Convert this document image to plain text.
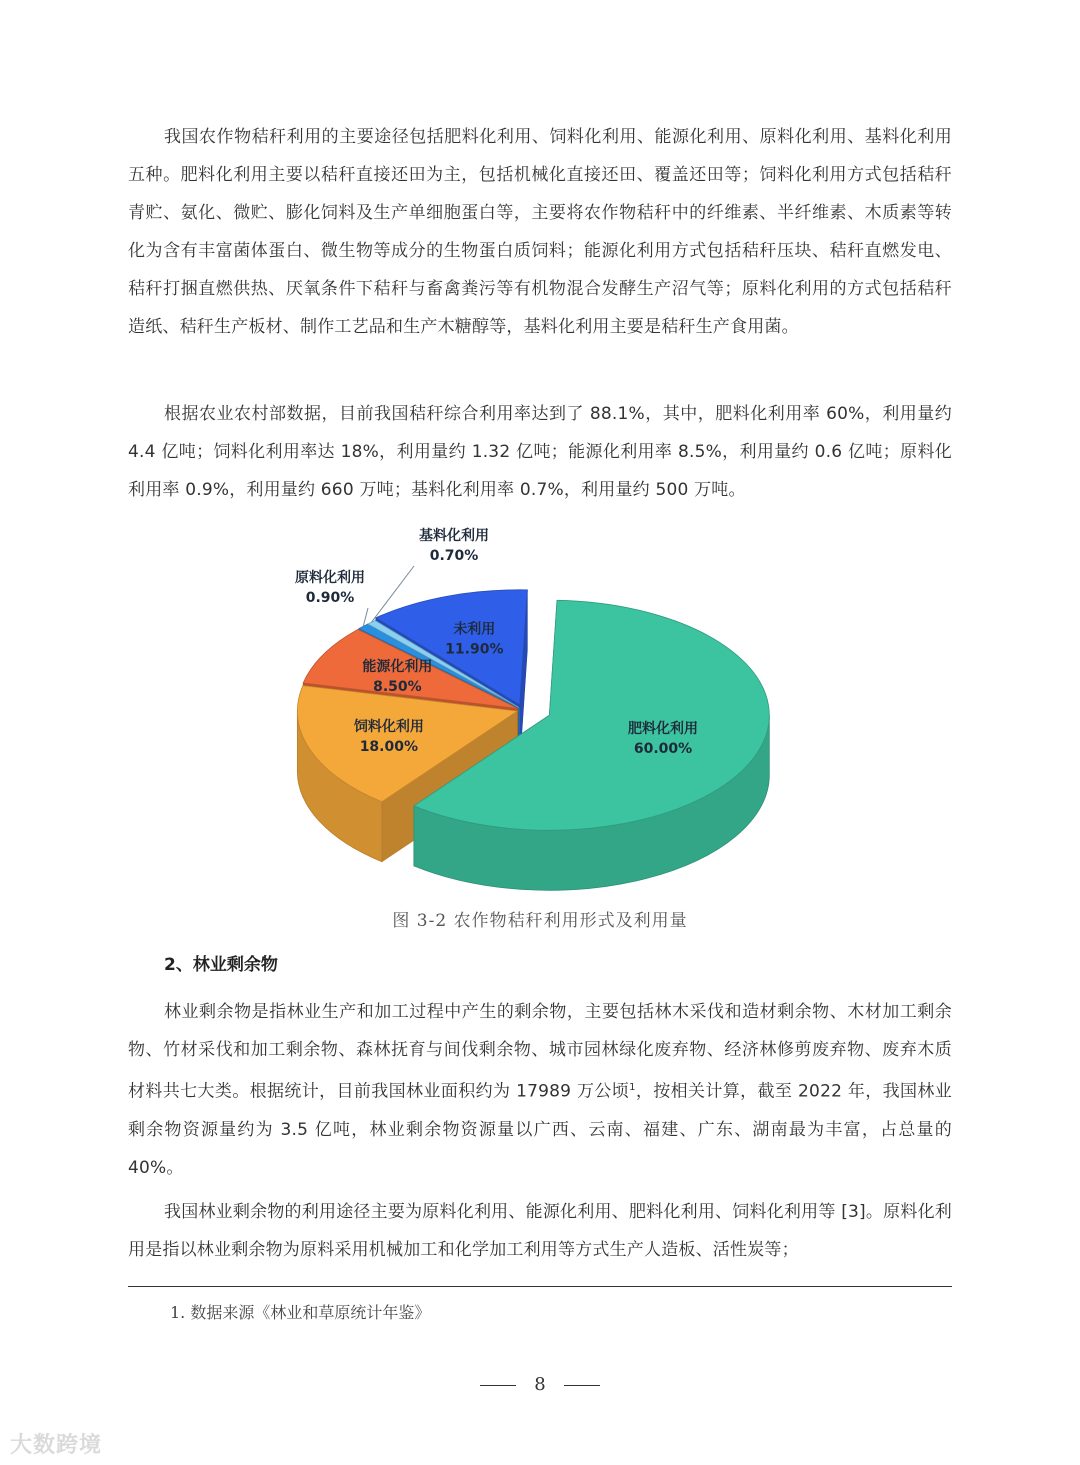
我国农作物秸秆利用的主要途径包括肥料化利用、饲料化利用、能源化利用、原料化利用、基料化利用五种。肥料化利用主要以秸秆直接还田为主，包括机械化直接还田、覆盖还田等；饲料化利用方式包括秸秆青贮、氨化、微贮、膨化饲料及生产单细胞蛋白等，主要将农作物秸秆中的纤维素、半纤维素、木质素等转化为含有丰富菌体蛋白、微生物等成分的生物蛋白质饲料；能源化利用方式包括秸秆压块、秸秆直燃发电、秸秆打捆直燃供热、厌氧条件下秸秆与畜禽粪污等有机物混合发酵生产沼气等；原料化利用的方式包括秸秆造纸、秸秆生产板材、制作工艺品和生产木糖醇等，基料化利用主要是秸秆生产食用菌。

根据农业农村部数据，目前我国秸秆综合利用率达到了 88.1%，其中，肥料化利用率 60%，利用量约 4.4 亿吨；饲料化利用率达 18%，利用量约 1.32 亿吨；能源化利用率 8.5%，利用量约 0.6 亿吨；原料化利用率 0.9%，利用量约 660 万吨；基料化利用率 0.7%，利用量约 500 万吨。

肥料化利用
60.00%
饲料化利用
18.00%
能源化利用
8.50%
原料化利用
0.90%
基料化利用
0.70%
未利用
11.90%
图 3-2 农作物秸秆利用形式及利用量
2、林业剩余物

林业剩余物是指林业生产和加工过程中产生的剩余物，主要包括林木采伐和造材剩余物、木材加工剩余物、竹材采伐和加工剩余物、森林抚育与间伐剩余物、城市园林绿化废弃物、经济林修剪废弃物、废弃木质材料共七大类。根据统计，目前我国林业面积约为 17989 万公顷$^1$，按相关计算，截至 2022 年，我国林业剩余物资源量约为 3.5 亿吨，林业剩余物资源量以广西、云南、福建、广东、湖南最为丰富，占总量的 40%。

我国林业剩余物的利用途径主要为原料化利用、能源化利用、肥料化利用、饲料化利用等 [3]。原料化利用是指以林业剩余物为原料采用机械加工和化学加工利用等方式生产人造板、活性炭等；

1. 数据来源《林业和草原统计年鉴》
8
大数跨境
